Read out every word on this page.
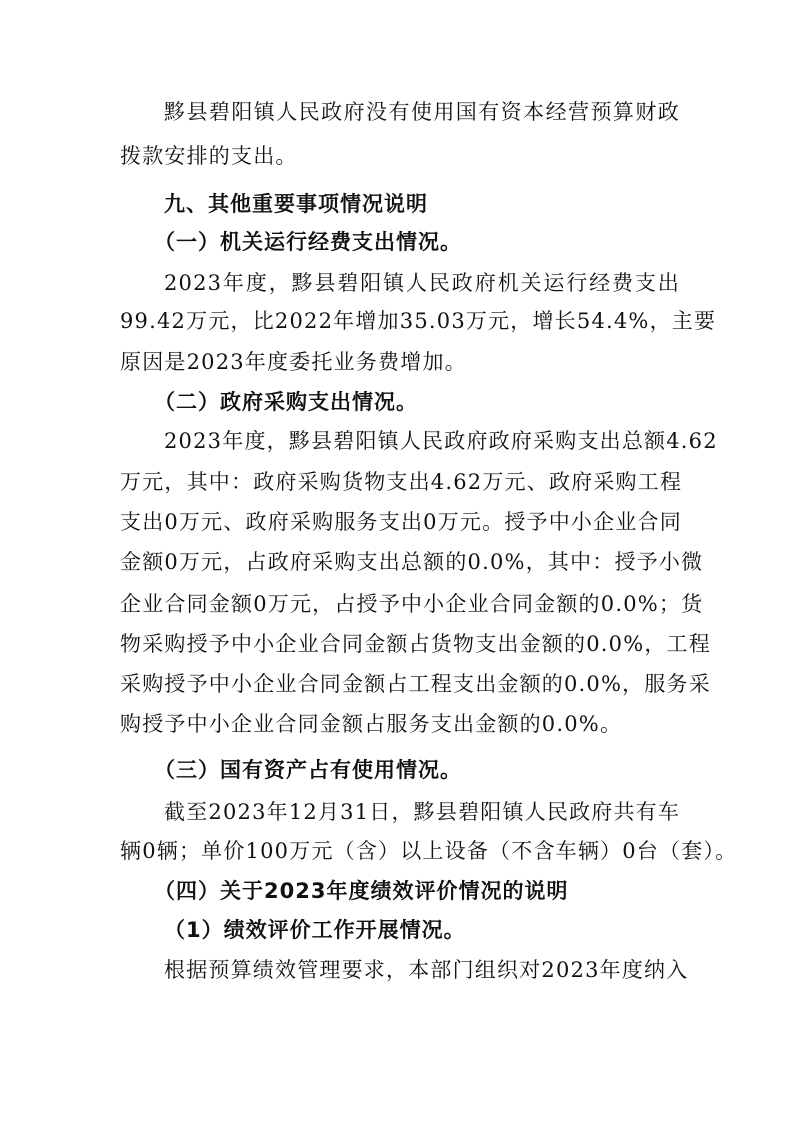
黟县碧阳镇人民政府没有使用国有资本经营预算财政
拨款安排的支出。
九、其他重要事项情况说明
（一）机关运行经费支出情况。
2023年度，黟县碧阳镇人民政府机关运行经费支出
99.42万元，比2022年增加35.03万元，增长54.4%，主要
原因是2023年度委托业务费增加。
（二）政府采购支出情况。
2023年度，黟县碧阳镇人民政府政府采购支出总额4.62
万元，其中：政府采购货物支出4.62万元、政府采购工程
支出0万元、政府采购服务支出0万元。授予中小企业合同
金额0万元，占政府采购支出总额的0.0%，其中：授予小微
企业合同金额0万元，占授予中小企业合同金额的0.0%；货
物采购授予中小企业合同金额占货物支出金额的0.0%，工程
采购授予中小企业合同金额占工程支出金额的0.0%，服务采
购授予中小企业合同金额占服务支出金额的0.0%。
（三）国有资产占有使用情况。
截至2023年12月31日，黟县碧阳镇人民政府共有车
辆0辆；单价100万元（含）以上设备（不含车辆）0台（套）。
（四）关于2023年度绩效评价情况的说明
（1）绩效评价工作开展情况。
根据预算绩效管理要求，本部门组织对2023年度纳入
